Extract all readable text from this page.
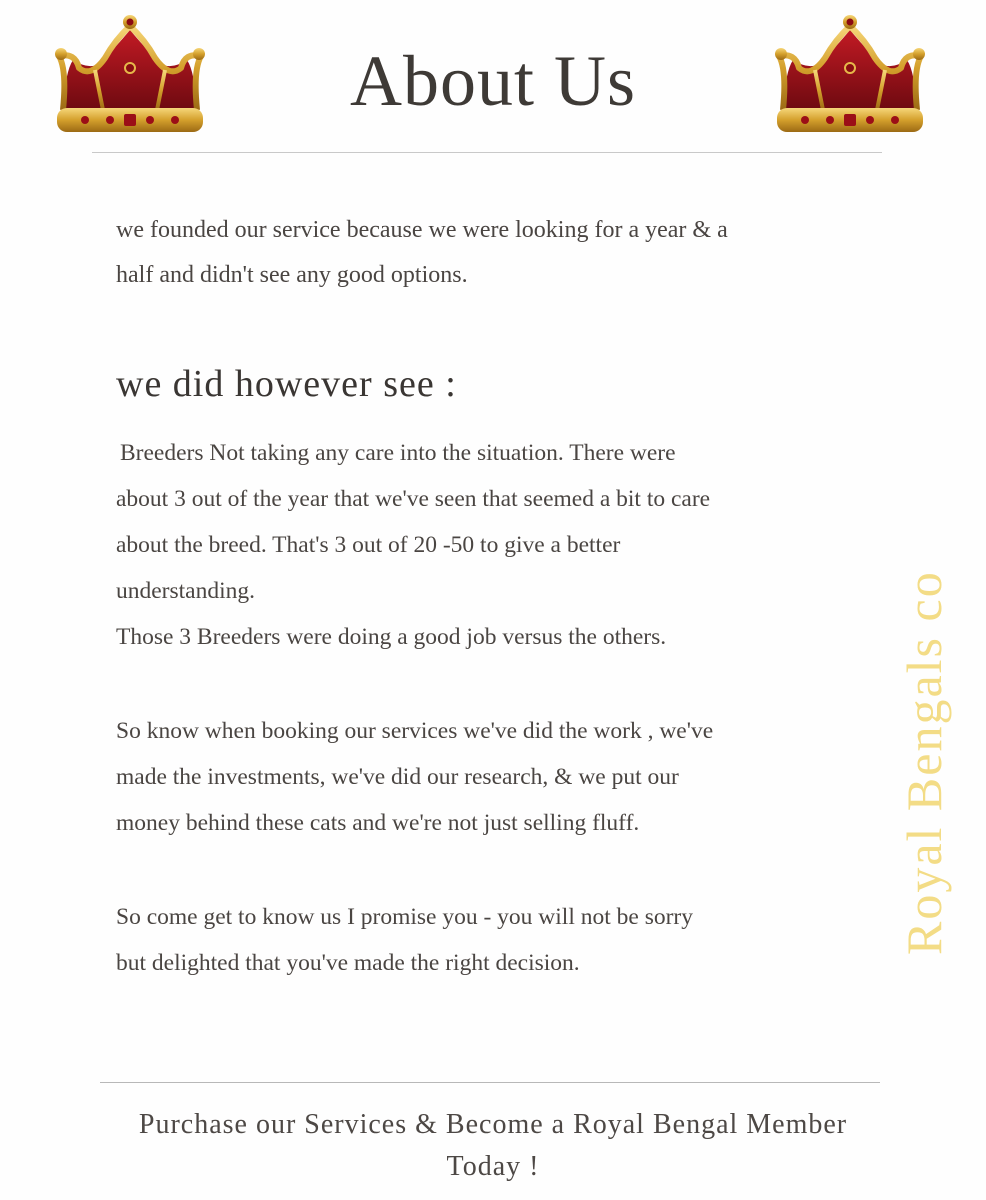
About Us
we founded our service because we were looking for a year & a
half and didn't see any good options.
we did however see :
Breeders Not taking any care into the situation. There were
about 3 out of the year that we've seen that seemed a bit to care
about the breed. That's 3 out of 20 -50 to give a better
understanding.
Those 3 Breeders were doing a good job versus the others.
So know when booking our services we've did the work , we've
made the investments, we've did our research, & we put our
money behind these cats and we're not just selling fluff.
So come get to know us I promise you - you will not be sorry
but delighted that you've made the right decision.
Royal Bengals co
Purchase our Services & Become a Royal Bengal Member
Today !
